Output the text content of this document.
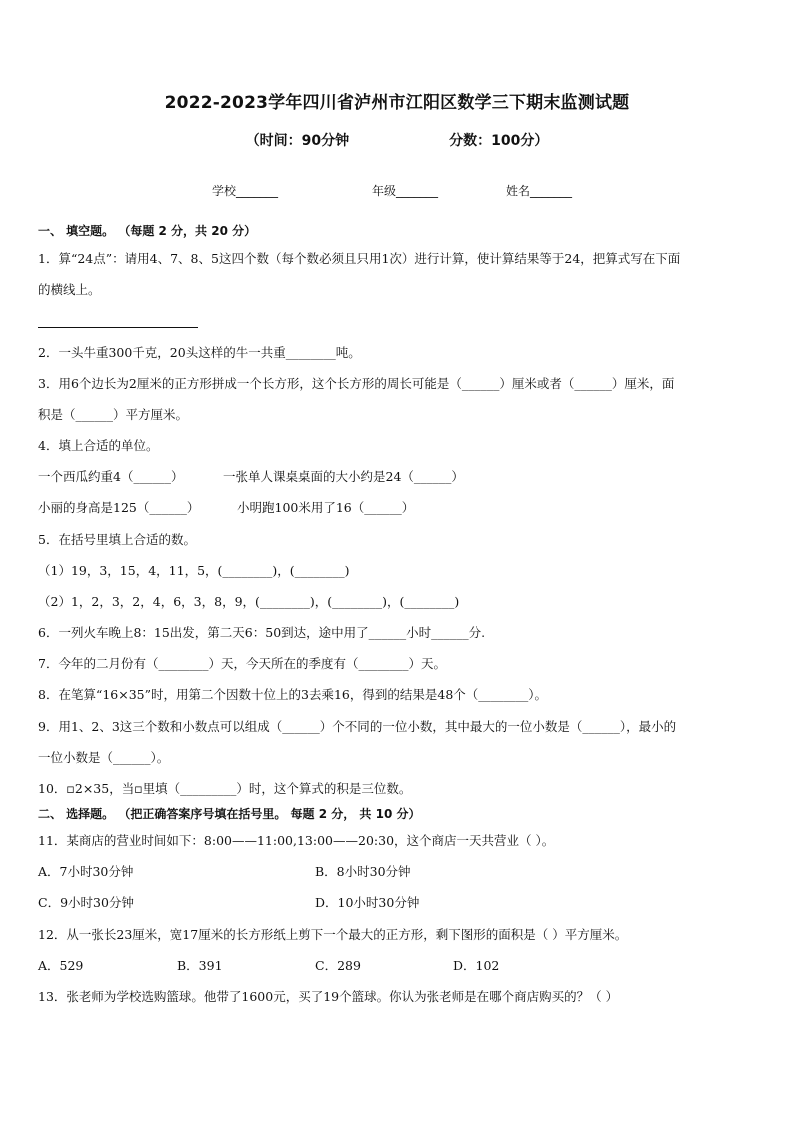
2022-2023学年四川省泸州市江阳区数学三下期末监测试题
（时间：90分钟	分数：100分）
学校_______	年级_______	姓名_______
一、 填空题。 （每题 2 分，共 20 分）
1．算“24点”：请用4、7、8、5这四个数（每个数必须且只用1次）进行计算，使计算结果等于24，把算式写在下面
的横线上。
2．一头牛重300千克，20头这样的牛一共重________吨。
3．用6个边长为2厘米的正方形拼成一个长方形，这个长方形的周长可能是（______）厘米或者（______）厘米，面
积是（______）平方厘米。
4．填上合适的单位。
一个西瓜约重4（______）	一张单人课桌桌面的大小约是24（______）
小丽的身高是125（______）	小明跑100米用了16（______）
5．在括号里填上合适的数。
（1）19，3，15，4，11，5，(________)，(________)
（2）1，2，3，2，4，6，3，8，9，(________)，(________)，(________)
6．一列火车晚上8：15出发，第二天6：50到达，途中用了______小时______分.
7．今年的二月份有（________）天，今天所在的季度有（________）天。
8．在笔算“16×35”时，用第二个因数十位上的3去乘16，得到的结果是48个（________）。
9．用1、2、3这三个数和小数点可以组成（______）个不同的一位小数，其中最大的一位小数是（______），最小的
一位小数是（______）。
10．▫2×35，当▫里填（_________）时，这个算式的积是三位数。
二、 选择题。 （把正确答案序号填在括号里。 每题 2 分， 共 10 分）
11．某商店的营业时间如下：8:00——11:00,13:00——20:30，这个商店一天共营业（ ）。
A．7小时30分钟	B．8小时30分钟
C．9小时30分钟	D．10小时30分钟
12．从一张长23厘米，宽17厘米的长方形纸上剪下一个最大的正方形，剩下图形的面积是（ ）平方厘米。
A．529	B．391	C．289	D．102
13．张老师为学校选购篮球。他带了1600元，买了19个篮球。你认为张老师是在哪个商店购买的？（ ）
